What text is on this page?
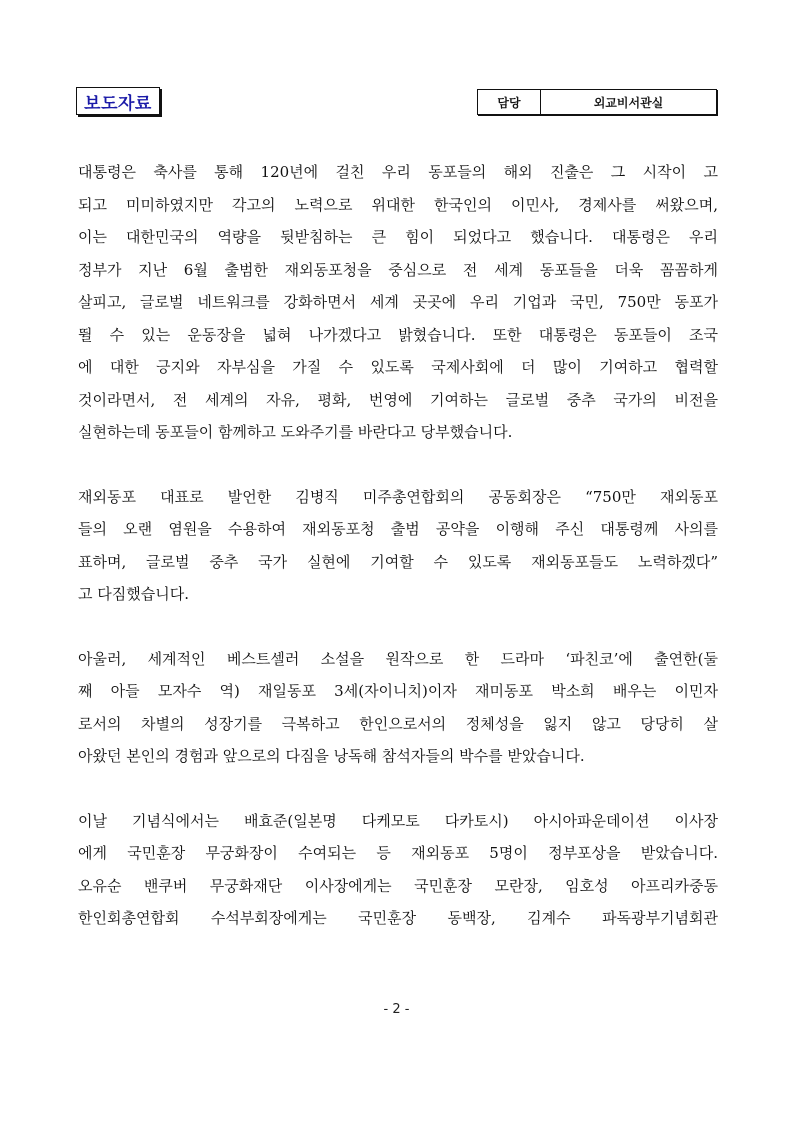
보도자료	담당	외교비서관실

대통령은 축사를 통해 120년에 걸친 우리 동포들의 해외 진출은 그 시작이 고
되고 미미하였지만 각고의 노력으로 위대한 한국인의 이민사, 경제사를 써왔으며,
이는 대한민국의 역량을 뒷받침하는 큰 힘이 되었다고 했습니다. 대통령은 우리
정부가 지난 6월 출범한 재외동포청을 중심으로 전 세계 동포들을 더욱 꼼꼼하게
살피고, 글로벌 네트워크를 강화하면서 세계 곳곳에 우리 기업과 국민, 750만 동포가
뛸 수 있는 운동장을 넓혀 나가겠다고 밝혔습니다. 또한 대통령은 동포들이 조국
에 대한 긍지와 자부심을 가질 수 있도록 국제사회에 더 많이 기여하고 협력할
것이라면서, 전 세계의 자유, 평화, 번영에 기여하는 글로벌 중추 국가의 비전을
실현하는데 동포들이 함께하고 도와주기를 바란다고 당부했습니다.

재외동포 대표로 발언한 김병직 미주총연합회의 공동회장은 “750만 재외동포
들의 오랜 염원을 수용하여 재외동포청 출범 공약을 이행해 주신 대통령께 사의를
표하며, 글로벌 중추 국가 실현에 기여할 수 있도록 재외동포들도 노력하겠다”
고 다짐했습니다.

아울러, 세계적인 베스트셀러 소설을 원작으로 한 드라마 ‘파친코’에 출연한(둘
째 아들 모자수 역) 재일동포 3세(자이니치)이자 재미동포 박소희 배우는 이민자
로서의 차별의 성장기를 극복하고 한인으로서의 정체성을 잃지 않고 당당히 살
아왔던 본인의 경험과 앞으로의 다짐을 낭독해 참석자들의 박수를 받았습니다.

이날 기념식에서는 배효준(일본명 다케모토 다카토시) 아시아파운데이션 이사장
에게 국민훈장 무궁화장이 수여되는 등 재외동포 5명이 정부포상을 받았습니다.
오유순 밴쿠버 무궁화재단 이사장에게는 국민훈장 모란장, 임호성 아프리카중동
한인회총연합회 수석부회장에게는 국민훈장 동백장, 김계수 파독광부기념회관

- 2 -
